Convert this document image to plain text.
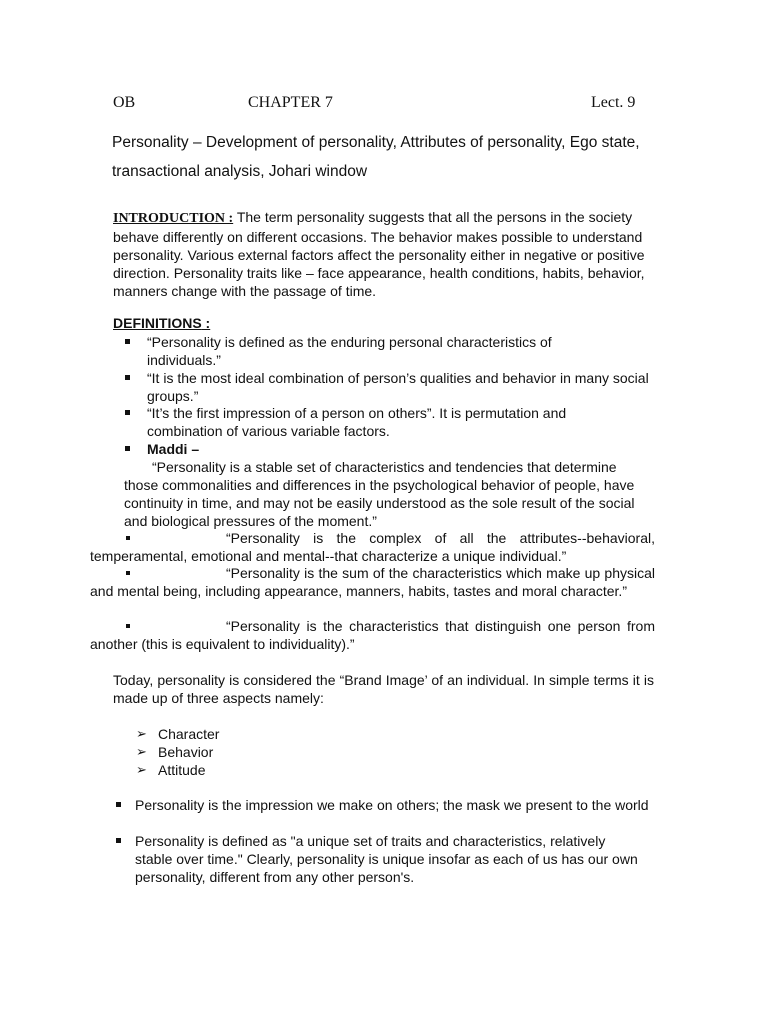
OB	CHAPTER 7	Lect. 9
Personality – Development of personality, Attributes of personality, Ego state, transactional analysis, Johari window
INTRODUCTION : The term personality suggests that all the persons in the society behave differently on different occasions. The behavior makes possible to understand personality. Various external factors affect the personality either in negative or positive direction. Personality traits like – face appearance, health conditions, habits, behavior, manners change with the passage of time.
DEFINITIONS :
“Personality is defined as the enduring personal characteristics of individuals.”
“It is the most ideal combination of person’s qualities and behavior in many social groups.”
“It’s the first impression of a person on others”. It is permutation and combination of various variable factors.
Maddi –
“Personality is a stable set of characteristics and tendencies that determine those commonalities and differences in the psychological behavior of people, have continuity in time, and may not be easily understood as the sole result of the social and biological pressures of the moment.”
“Personality is the complex of all the attributes--behavioral, temperamental, emotional and mental--that characterize a unique individual.”
“Personality is the sum of the characteristics which make up physical and mental being, including appearance, manners, habits, tastes and moral character.”
“Personality is the characteristics that distinguish one person from another (this is equivalent to individuality).”
Today, personality is considered the “Brand Image’ of an individual. In simple terms it is made up of three aspects namely:
➢ Character
➢ Behavior
➢ Attitude
Personality is the impression we make on others; the mask we present to the world
Personality is defined as "a unique set of traits and characteristics, relatively stable over time." Clearly, personality is unique insofar as each of us has our own personality, different from any other person's.
